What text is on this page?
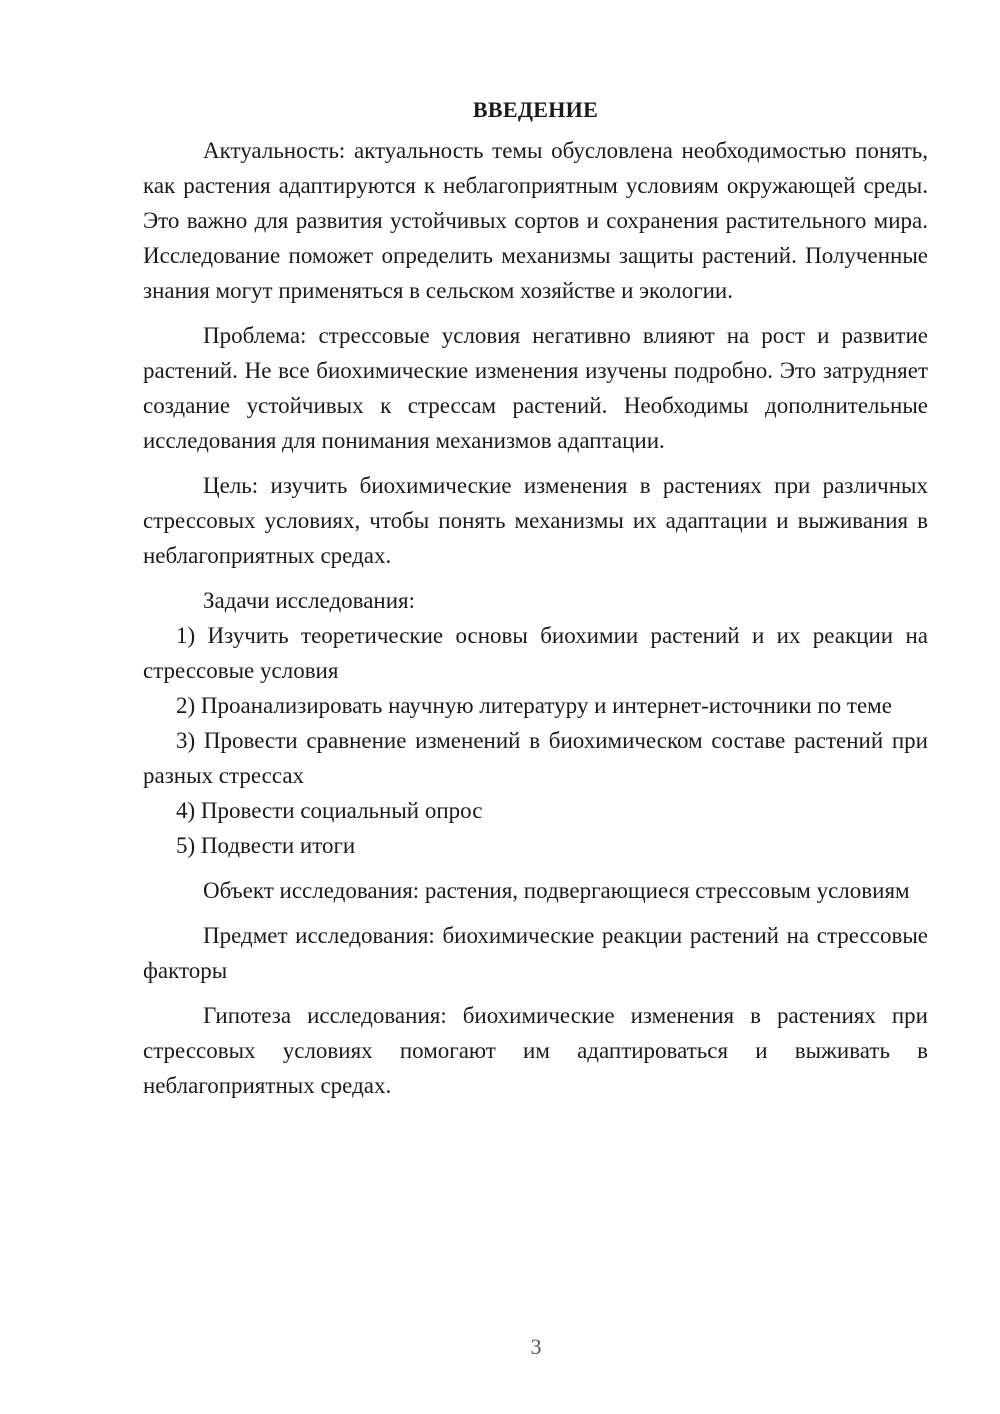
ВВЕДЕНИЕ

Актуальность: актуальность темы обусловлена необходимостью понять, как растения адаптируются к неблагоприятным условиям окружающей среды. Это важно для развития устойчивых сортов и сохранения растительного мира. Исследование поможет определить механизмы защиты растений. Полученные знания могут применяться в сельском хозяйстве и экологии.

Проблема: стрессовые условия негативно влияют на рост и развитие растений. Не все биохимические изменения изучены подробно. Это затрудняет создание устойчивых к стрессам растений. Необходимы дополнительные исследования для понимания механизмов адаптации.

Цель: изучить биохимические изменения в растениях при различных стрессовых условиях, чтобы понять механизмы их адаптации и выживания в неблагоприятных средах.

Задачи исследования:

1) Изучить теоретические основы биохимии растений и их реакции на стрессовые условия

2) Проанализировать научную литературу и интернет-источники по теме

3) Провести сравнение изменений в биохимическом составе растений при разных стрессах

4) Провести социальный опрос

5) Подвести итоги

Объект исследования: растения, подвергающиеся стрессовым условиям

Предмет исследования: биохимические реакции растений на стрессовые факторы

Гипотеза исследования: биохимические изменения в растениях при стрессовых условиях помогают им адаптироваться и выживать в неблагоприятных средах.

3
